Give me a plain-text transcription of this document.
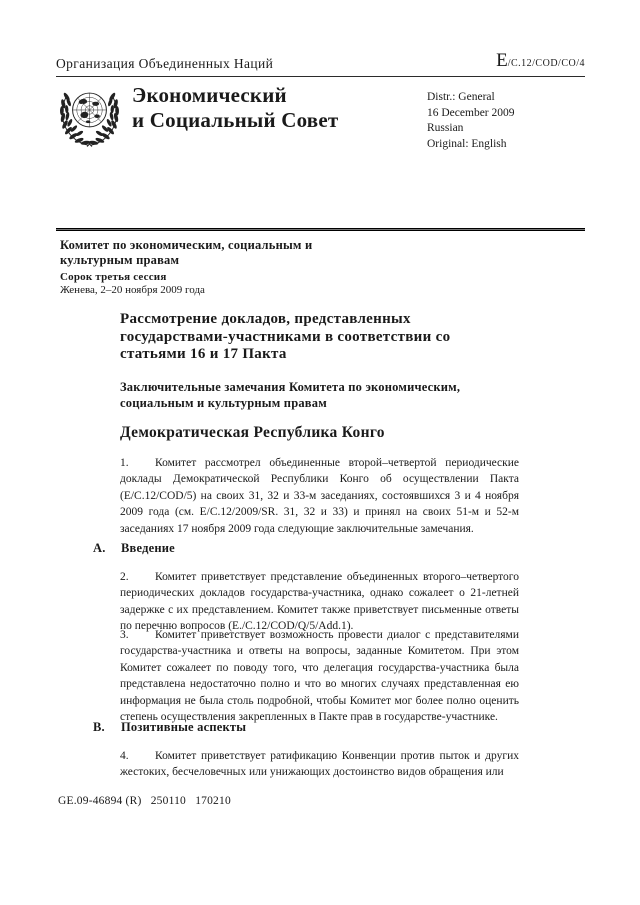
Организация Объединенных Наций	E/C.12/COD/CO/4
Экономический
и Социальный Совет
Distr.: General
16 December 2009
Russian
Original: English
Комитет по экономическим, социальным и
культурным правам
Сорок третья сессия
Женева, 2–20 ноября 2009 года
Рассмотрение докладов, представленных
государствами-участниками в соответствии со
статьями 16 и 17 Пакта
Заключительные замечания Комитета по экономическим,
социальным и культурным правам
Демократическая Республика Конго

1. Комитет рассмотрел объединенные второй–четвертой периодические доклады Демократической Республики Конго об осуществлении Пакта (E/C.12/COD/5) на своих 31, 32 и 33-м заседаниях, состоявшихся 3 и 4 ноября 2009 года (см. E/C.12/2009/SR. 31, 32 и 33) и принял на своих 51-м и 52-м заседаниях 17 ноября 2009 года следующие заключительные замечания.

A. Введение

2. Комитет приветствует представление объединенных второго–четвертого периодических докладов государства-участника, однако сожалеет о 21-летней задержке с их представлением. Комитет также приветствует письменные ответы по перечню вопросов (E./C.12/COD/Q/5/Add.1).

3. Комитет приветствует возможность провести диалог с представителями государства-участника и ответы на вопросы, заданные Комитетом. При этом Комитет сожалеет по поводу того, что делегация государства-участника была представлена недостаточно полно и что во многих случаях представленная ею информация не была столь подробной, чтобы Комитет мог более полно оценить степень осуществления закрепленных в Пакте прав в государстве-участнике.

B. Позитивные аспекты

4. Комитет приветствует ратификацию Конвенции против пыток и других жестоких, бесчеловечных или унижающих достоинство видов обращения или

GE.09-46894 (R)   250110   170210
